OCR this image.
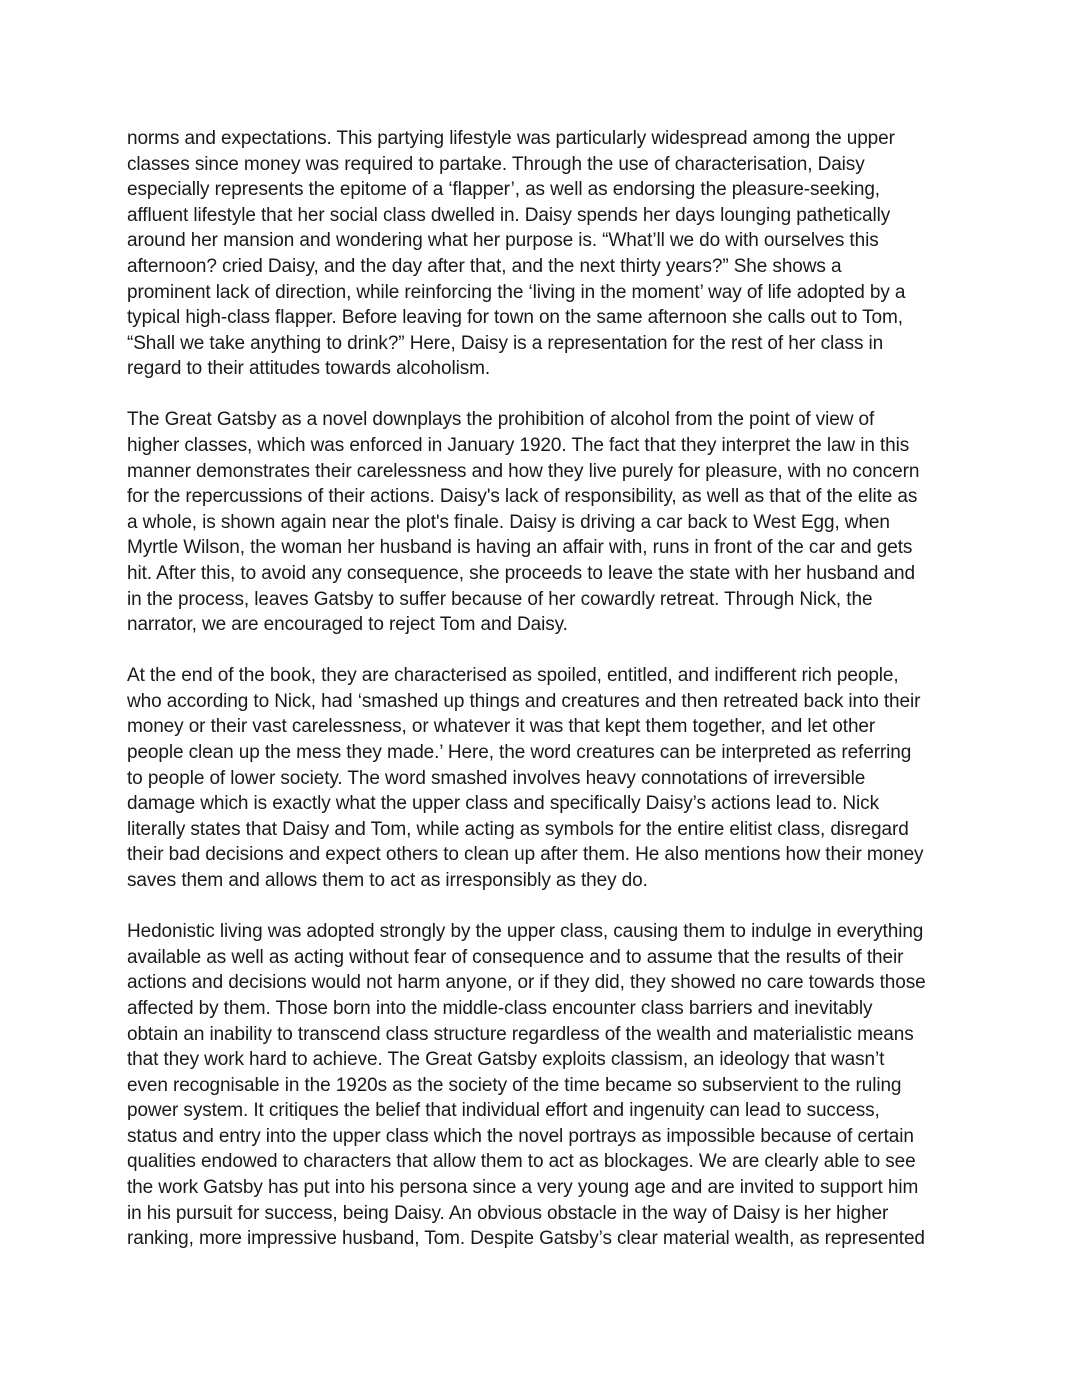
norms and expectations. This partying lifestyle was particularly widespread among the upper
classes since money was required to partake. Through the use of characterisation, Daisy
especially represents the epitome of a ‘flapper’, as well as endorsing the pleasure-seeking,
affluent lifestyle that her social class dwelled in. Daisy spends her days lounging pathetically
around her mansion and wondering what her purpose is. “What’ll we do with ourselves this
afternoon? cried Daisy, and the day after that, and the next thirty years?” She shows a
prominent lack of direction, while reinforcing the ‘living in the moment’ way of life adopted by a
typical high-class flapper. Before leaving for town on the same afternoon she calls out to Tom,
“Shall we take anything to drink?” Here, Daisy is a representation for the rest of her class in
regard to their attitudes towards alcoholism.

The Great Gatsby as a novel downplays the prohibition of alcohol from the point of view of
higher classes, which was enforced in January 1920. The fact that they interpret the law in this
manner demonstrates their carelessness and how they live purely for pleasure, with no concern
for the repercussions of their actions. Daisy's lack of responsibility, as well as that of the elite as
a whole, is shown again near the plot's finale. Daisy is driving a car back to West Egg, when
Myrtle Wilson, the woman her husband is having an affair with, runs in front of the car and gets
hit. After this, to avoid any consequence, she proceeds to leave the state with her husband and
in the process, leaves Gatsby to suffer because of her cowardly retreat. Through Nick, the
narrator, we are encouraged to reject Tom and Daisy.

At the end of the book, they are characterised as spoiled, entitled, and indifferent rich people,
who according to Nick, had ‘smashed up things and creatures and then retreated back into their
money or their vast carelessness, or whatever it was that kept them together, and let other
people clean up the mess they made.’ Here, the word creatures can be interpreted as referring
to people of lower society. The word smashed involves heavy connotations of irreversible
damage which is exactly what the upper class and specifically Daisy’s actions lead to. Nick
literally states that Daisy and Tom, while acting as symbols for the entire elitist class, disregard
their bad decisions and expect others to clean up after them. He also mentions how their money
saves them and allows them to act as irresponsibly as they do.

Hedonistic living was adopted strongly by the upper class, causing them to indulge in everything
available as well as acting without fear of consequence and to assume that the results of their
actions and decisions would not harm anyone, or if they did, they showed no care towards those
affected by them. Those born into the middle-class encounter class barriers and inevitably
obtain an inability to transcend class structure regardless of the wealth and materialistic means
that they work hard to achieve. The Great Gatsby exploits classism, an ideology that wasn’t
even recognisable in the 1920s as the society of the time became so subservient to the ruling
power system. It critiques the belief that individual effort and ingenuity can lead to success,
status and entry into the upper class which the novel portrays as impossible because of certain
qualities endowed to characters that allow them to act as blockages. We are clearly able to see
the work Gatsby has put into his persona since a very young age and are invited to support him
in his pursuit for success, being Daisy. An obvious obstacle in the way of Daisy is her higher
ranking, more impressive husband, Tom. Despite Gatsby’s clear material wealth, as represented
